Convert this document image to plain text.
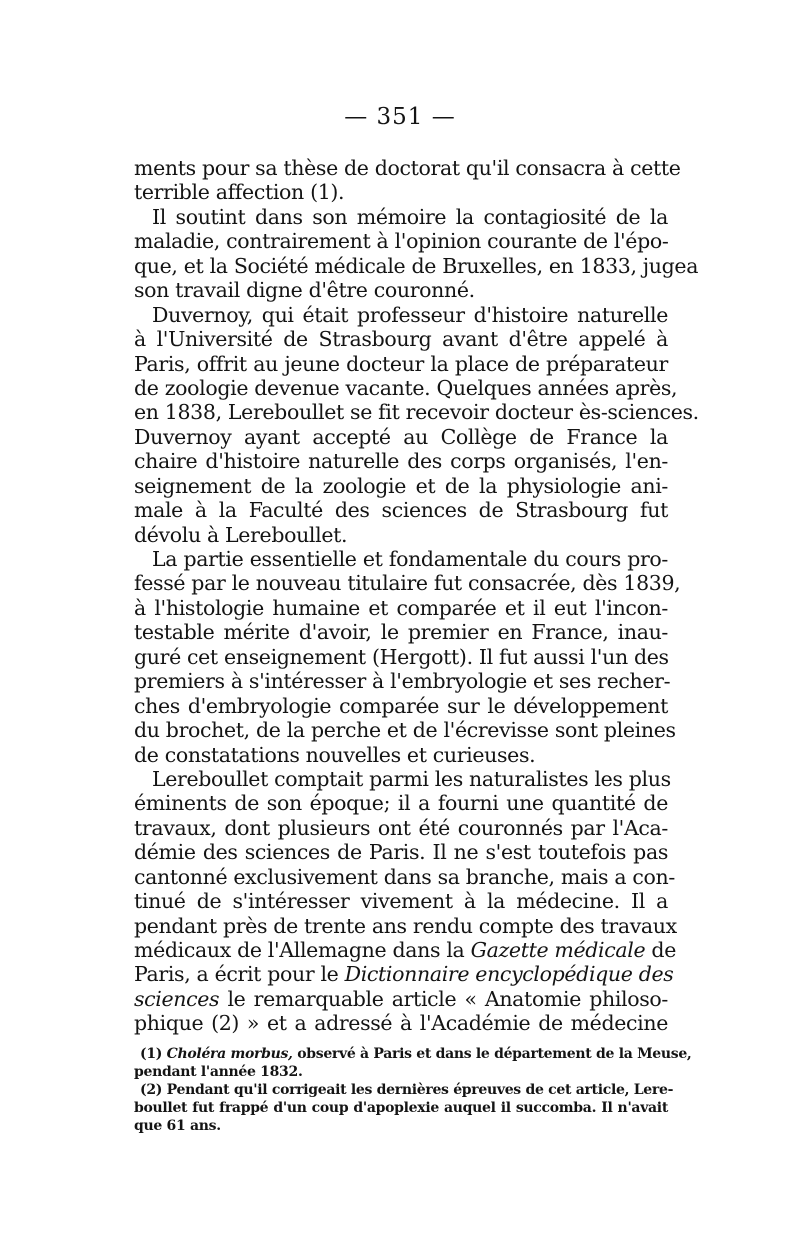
— 351 —
ments pour sa thèse de doctorat qu'il consacra à cette
terrible affection (1).
Il soutint dans son mémoire la contagiosité de la
maladie, contrairement à l'opinion courante de l'épo-
que, et la Société médicale de Bruxelles, en 1833, jugea
son travail digne d'être couronné.
Duvernoy, qui était professeur d'histoire naturelle
à l'Université de Strasbourg avant d'être appelé à
Paris, offrit au jeune docteur la place de préparateur
de zoologie devenue vacante. Quelques années après,
en 1838, Lereboullet se fit recevoir docteur ès-sciences.
Duvernoy ayant accepté au Collège de France la
chaire d'histoire naturelle des corps organisés, l'en-
seignement de la zoologie et de la physiologie ani-
male à la Faculté des sciences de Strasbourg fut
dévolu à Lereboullet.
La partie essentielle et fondamentale du cours pro-
fessé par le nouveau titulaire fut consacrée, dès 1839,
à l'histologie humaine et comparée et il eut l'incon-
testable mérite d'avoir, le premier en France, inau-
guré cet enseignement (Hergott). Il fut aussi l'un des
premiers à s'intéresser à l'embryologie et ses recher-
ches d'embryologie comparée sur le développement
du brochet, de la perche et de l'écrevisse sont pleines
de constatations nouvelles et curieuses.
Lereboullet comptait parmi les naturalistes les plus
éminents de son époque; il a fourni une quantité de
travaux, dont plusieurs ont été couronnés par l'Aca-
démie des sciences de Paris. Il ne s'est toutefois pas
cantonné exclusivement dans sa branche, mais a con-
tinué de s'intéresser vivement à la médecine. Il a
pendant près de trente ans rendu compte des travaux
médicaux de l'Allemagne dans la Gazette médicale de
Paris, a écrit pour le Dictionnaire encyclopédique des
sciences le remarquable article « Anatomie philoso-
phique (2) » et a adressé à l'Académie de médecine
(1) Choléra morbus, observé à Paris et dans le département de la Meuse,
pendant l'année 1832.
(2) Pendant qu'il corrigeait les dernières épreuves de cet article, Lere-
boullet fut frappé d'un coup d'apoplexie auquel il succomba. Il n'avait
que 61 ans.
